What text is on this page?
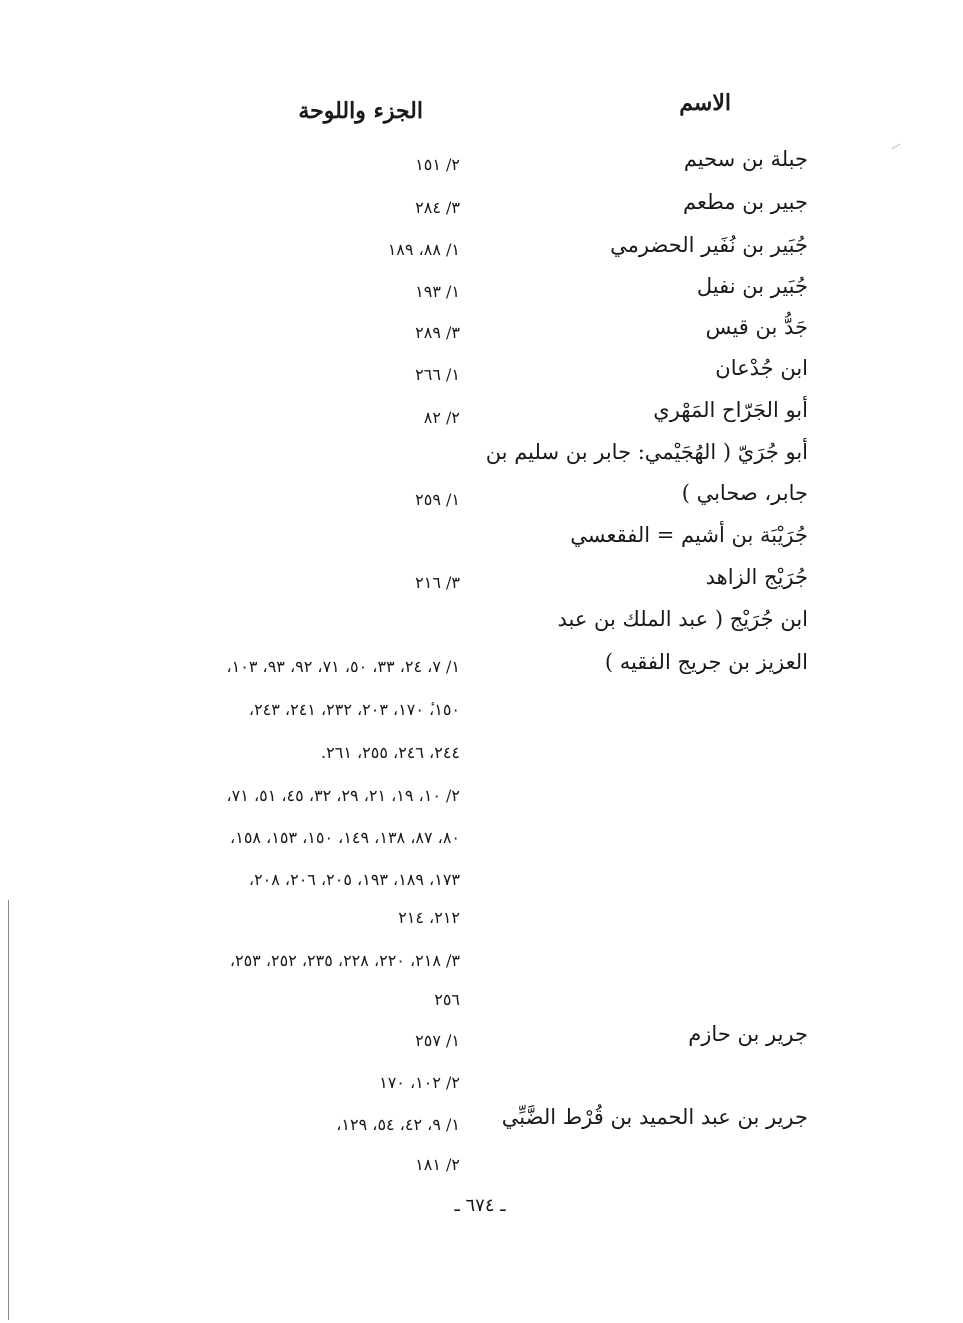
الاسم
الجزء واللوحة
جبلة بن سحيم
جبير بن مطعم
جُبَير بن نُفَير الحضرمي
جُبَير بن نفيل
جَدُّ بن قيس
ابن جُدْعان
أبو الجَرّاح المَهْري
أبو جُرَيّ ( الهُجَيْمي: جابر بن سليم بن
جابر، صحابي )
جُرَيْبَة بن أشيم = الفقعسي
جُرَيْج الزاهد
ابن جُرَيْج ( عبد الملك بن عبد
العزيز بن جريج الفقيه )
جرير بن حازم
جرير بن عبد الحميد بن قُرْط الضَّبِّي
٢/ ١٥١
٣/ ٢٨٤
١/ ٨٨، ١٨٩
١/ ١٩٣
٣/ ٢٨٩
١/ ٢٦٦
٢/ ٨٢
١/ ٢٥٩
٣/ ٢١٦
١/ ٧، ٢٤، ٣٣، ٥٠، ٧١، ٩٢، ٩٣، ١٠٣،
١٥٠،ٔ ١٧٠، ٢٠٣، ٢٣٢، ٢٤١، ٢٤٣،
٢٤٤، ٢٤٦، ٢٥٥، ٢٦١.
٢/ ١٠، ١٩، ٢١، ٢٩، ٣٢، ٤٥، ٥١، ٧١،
٨٠، ٨٧، ١٣٨، ١٤٩، ١٥٠، ١٥٣، ١٥٨،
١٧٣، ١٨٩، ١٩٣، ٢٠٥، ٢٠٦، ٢٠٨،
٢١٢، ٢١٤
٣/ ٢١٨، ٢٢٠، ٢٢٨، ٢٣٥، ٢٥٢، ٢٥٣،
٢٥٦
١/ ٢٥٧
٢/ ١٠٢، ١٧٠
١/ ٩، ٤٢، ٥٤، ١٢٩،
٢/ ١٨١
ـ ٦٧٤ ـ
